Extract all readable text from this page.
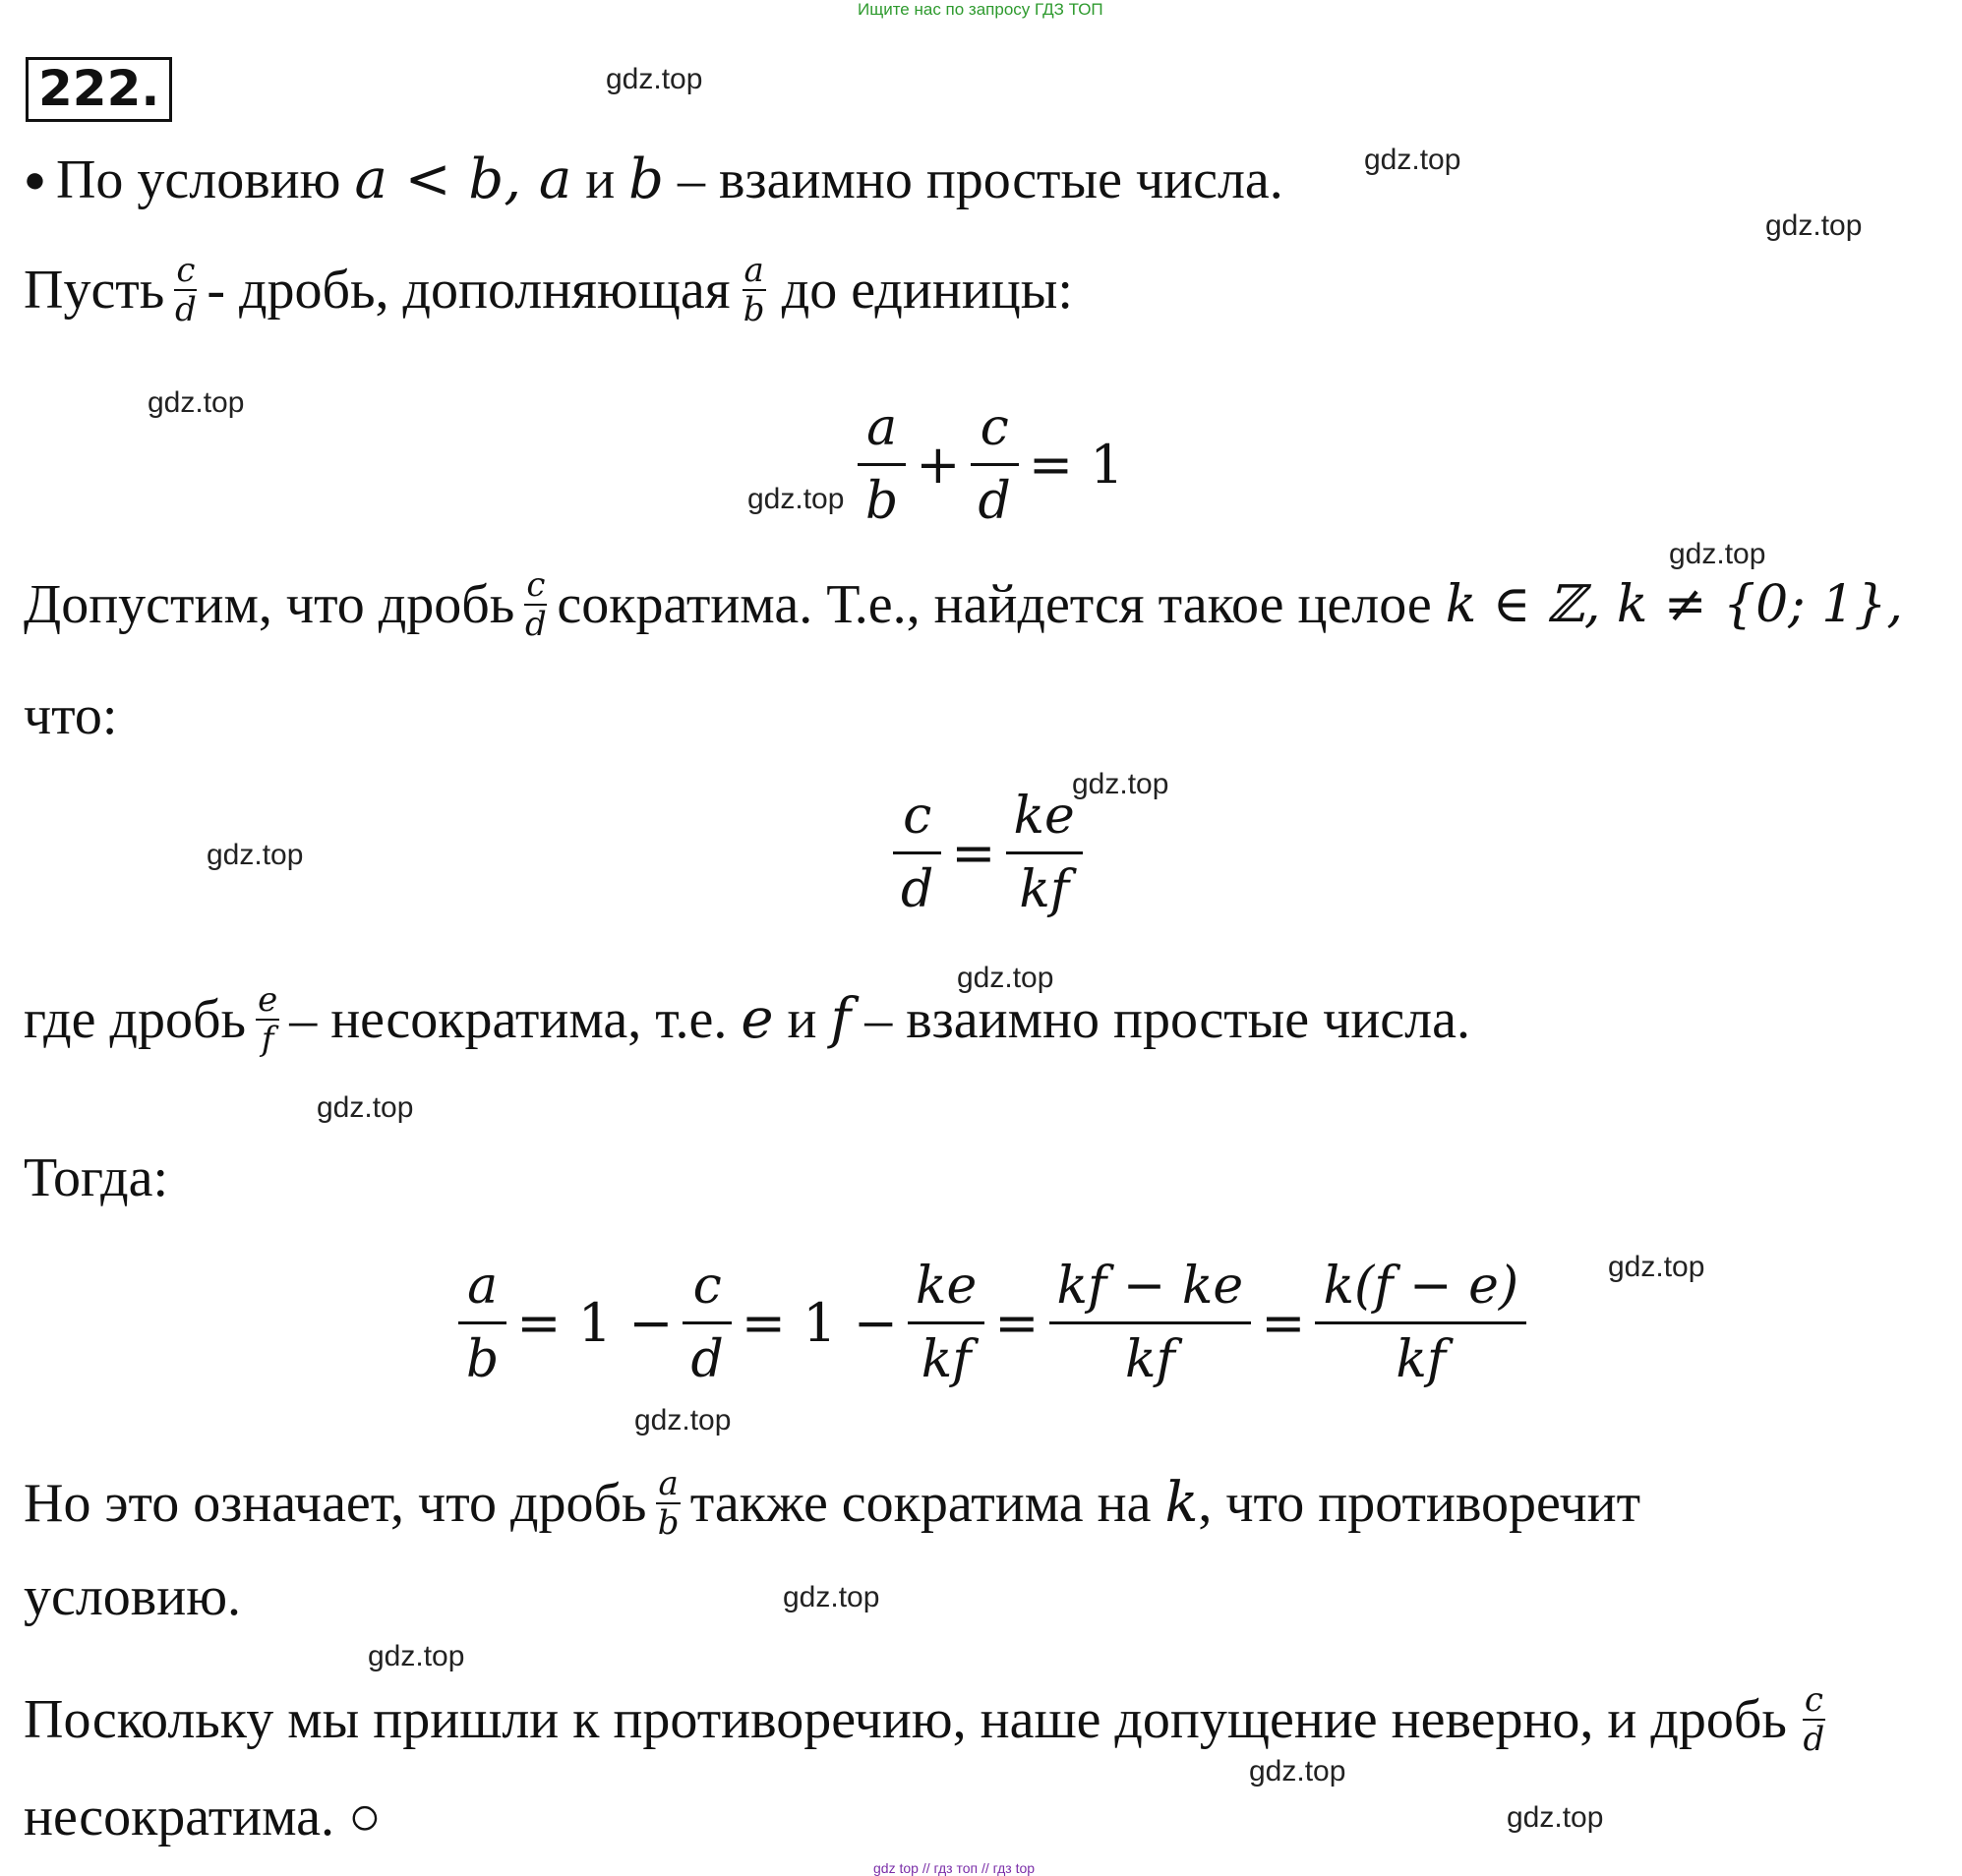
Ищите нас по запросу ГДЗ ТОП
222.	gdz.top
gdz.top
gdz.top
gdz.top
gdz.top
gdz.top
gdz.top
gdz.top
gdz.top
gdz.top
gdz.top
gdz.top
gdz.top
gdz.top
gdz.top
gdz.top
● По условию a < b, a и b – взаимно простые числа.
Пусть $\frac{c}{d}$ - дробь, дополняющая $\frac{a}{b}$ до единицы:
$\frac{a}{b} + \frac{c}{d} = 1$
Допустим, что дробь $\frac{c}{d}$ сократима. Т.е., найдется такое целое k ∈ ℤ, k ≠ {0; 1},
что:
$\frac{c}{d} = \frac{ke}{kf}$
где дробь $\frac{e}{f}$ – несократима, т.е. e и f – взаимно простые числа.
Тогда:
$\frac{a}{b} = 1 - \frac{c}{d} = 1 - \frac{ke}{kf} = \frac{kf - ke}{kf} = \frac{k(f - e)}{kf}$
Но это означает, что дробь $\frac{a}{b}$ также сократима на k , что противоречит
условию.
Поскольку мы пришли к противоречию, наше допущение неверно, и дробь $\frac{c}{d}$
несократима. ○
gdz top // гдз топ // гдз top
